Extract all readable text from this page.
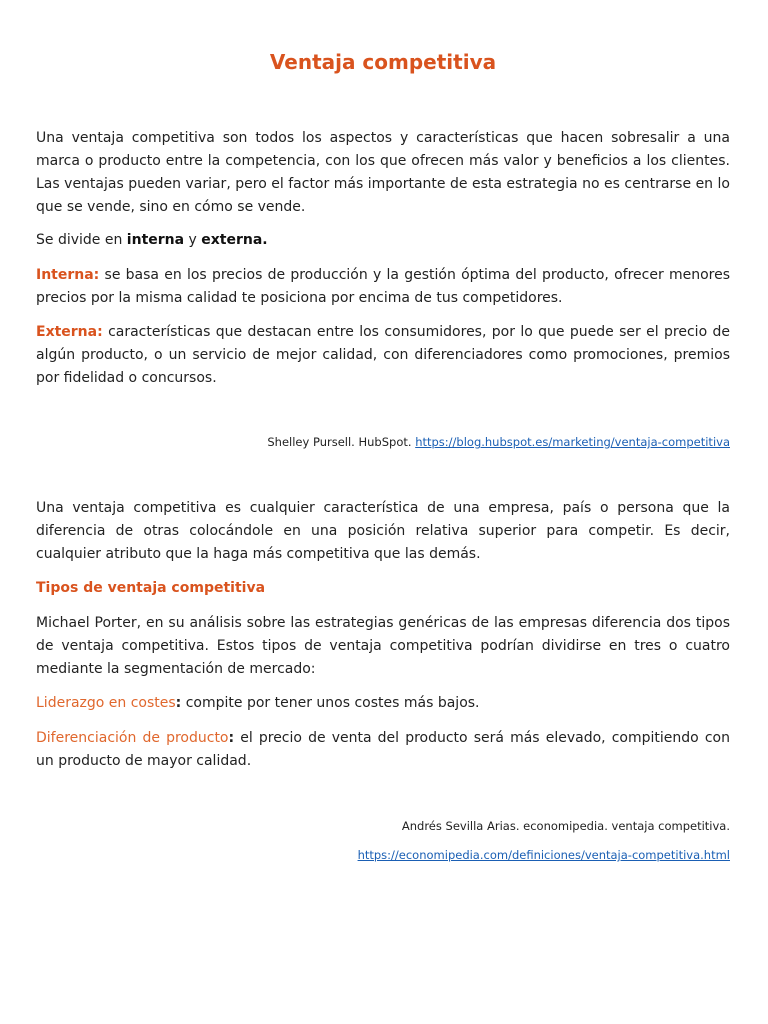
Ventaja competitiva

Una ventaja competitiva son todos los aspectos y características que hacen sobresalir a una marca o producto entre la competencia, con los que ofrecen más valor y beneficios a los clientes. Las ventajas pueden variar, pero el factor más importante de esta estrategia no es centrarse en lo que se vende, sino en cómo se vende.

Se divide en interna y externa.

Interna: se basa en los precios de producción y la gestión óptima del producto, ofrecer menores precios por la misma calidad te posiciona por encima de tus competidores.

Externa: características que destacan entre los consumidores, por lo que puede ser el precio de algún producto, o un servicio de mejor calidad, con diferenciadores como promociones, premios por fidelidad o concursos.

Shelley Pursell. HubSpot. https://blog.hubspot.es/marketing/ventaja-competitiva

Una ventaja competitiva es cualquier característica de una empresa, país o persona que la diferencia de otras colocándole en una posición relativa superior para competir. Es decir, cualquier atributo que la haga más competitiva que las demás.

Tipos de ventaja competitiva

Michael Porter, en su análisis sobre las estrategias genéricas de las empresas diferencia dos tipos de ventaja competitiva. Estos tipos de ventaja competitiva podrían dividirse en tres o cuatro mediante la segmentación de mercado:

Liderazgo en costes: compite por tener unos costes más bajos.

Diferenciación de producto: el precio de venta del producto será más elevado, compitiendo con un producto de mayor calidad.

Andrés Sevilla Arias. economipedia. ventaja competitiva.
https://economipedia.com/definiciones/ventaja-competitiva.html
